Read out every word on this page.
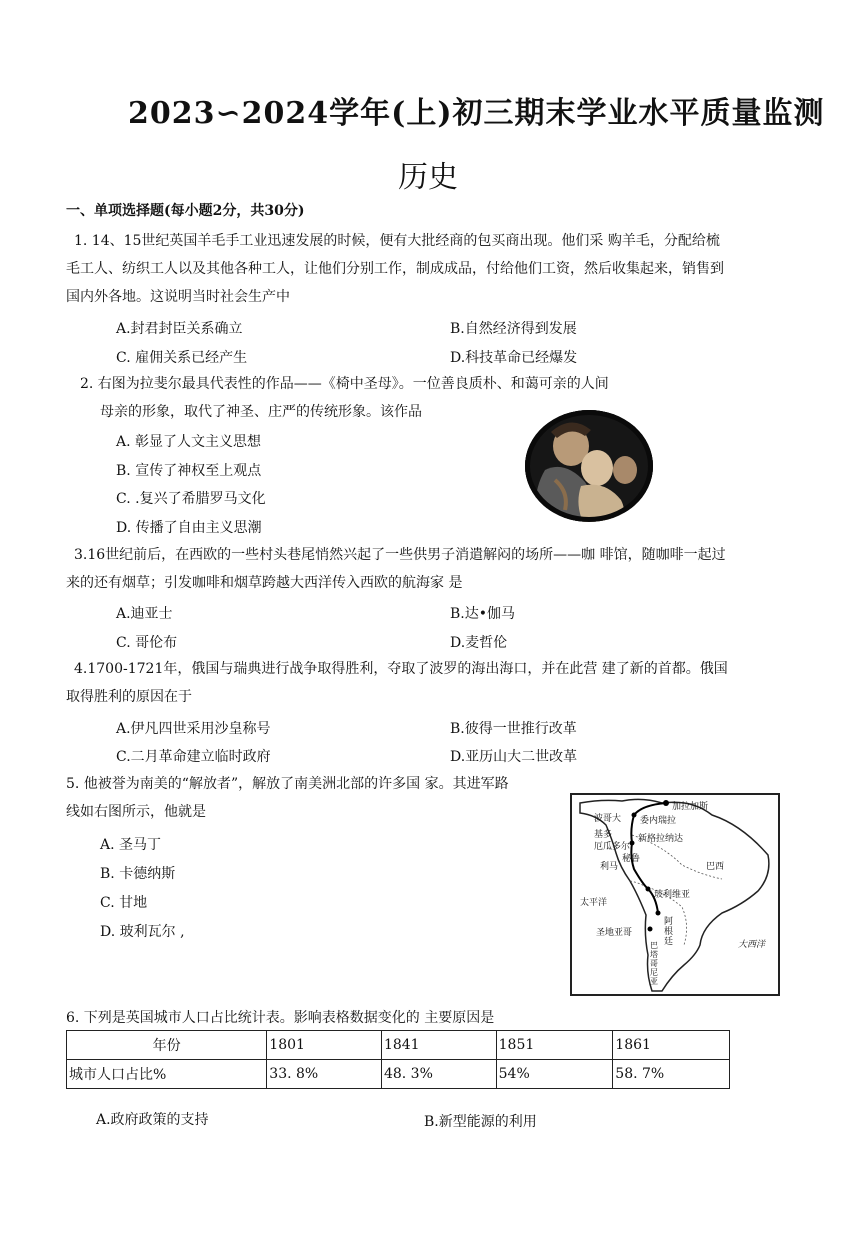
2023∽2024学年(上)初三期末学业水平质量监测
历史
一、单项选择题(每小题2分，共30分)
1. 14、15世纪英国羊毛手工业迅速发展的时候，便有大批经商的包买商出现。他们采 购羊毛，分配给梳
毛工人、纺织工人以及其他各种工人，让他们分别工作，制成成品，付给他们工资，然后收集起来，销售到
国内外各地。这说明当时社会生产中
A.封君封臣关系确立	B.自然经济得到发展
C. 雇佣关系已经产生	D.科技革命已经爆发
2. 右图为拉斐尔最具代表性的作品——《椅中圣母》。一位善良质朴、和蔼可亲的人间
母亲的形象，取代了神圣、庄严的传统形象。该作品
A. 彰显了人文主义思想
B. 宣传了神权至上观点
C. .复兴了希腊罗马文化
D. 传播了自由主义思潮
3.16世纪前后，在西欧的一些村头巷尾悄然兴起了一些供男子消遣解闷的场所——咖 啡馆，随咖啡一起过
来的还有烟草；引发咖啡和烟草跨越大西洋传入西欧的航海家 是
A.迪亚士	B.达•伽马
C. 哥伦布	D.麦哲伦
4.1700-1721年，俄国与瑞典进行战争取得胜利，夺取了波罗的海出海口，并在此营 建了新的首都。俄国
取得胜利的原因在于
A.伊凡四世采用沙皇称号	B.彼得一世推行改革
C.二月革命建立临时政府	D.亚历山大二世改革
5. 他被誉为南美的“解放者”，解放了南美洲北部的许多国 家。其进军路
线如右图所示，他就是
A. 圣马丁
B. 卡德纳斯
C. 甘地
D. 玻利瓦尔 ,
波哥大
加拉加斯
委内瑞拉
基多	新格拉纳达
厄瓜多尔
秘鲁
利马	巴西
玻利维亚
太平洋
阿根廷
圣地亚哥
巴塔哥尼亚
大西洋
6. 下列是英国城市人口占比统计表。影响表格数据变化的 主要原因是
年份	1801	1841	1851	1861
城市人口占比%	33. 8%	48. 3%	54%	58. 7%
A.政府政策的支持	B.新型能源的利用
